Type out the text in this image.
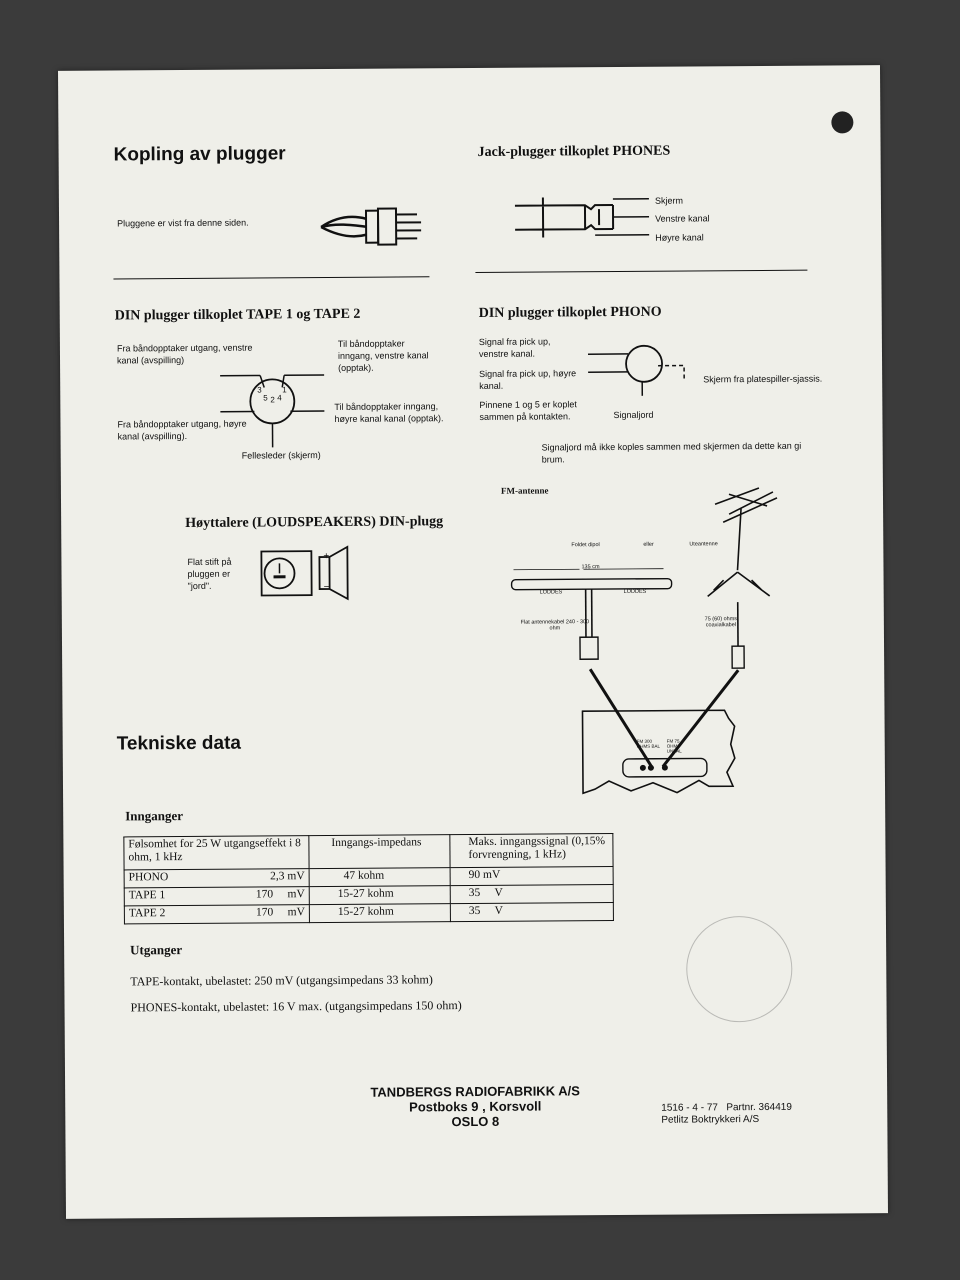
Kopling av plugger
Pluggene er vist fra denne siden.
Jack-plugger tilkoplet PHONES
Skjerm
Venstre kanal
Høyre kanal
DIN plugger tilkoplet TAPE 1 og TAPE 2
Fra båndopptaker utgang, venstre kanal (avspilling)
Fra båndopptaker utgang, høyre kanal (avspilling).
Til båndopptaker inngang, venstre kanal (opptak).
Til båndopptaker inngang, høyre kanal kanal (opptak).
Fellesleder (skjerm)
3	1
5 2 4
DIN plugger tilkoplet PHONO
Signal fra pick up, venstre kanal.
Signal fra pick up, høyre kanal.
Pinnene 1 og 5 er koplet sammen på kontakten.	Signaljord
Skjerm fra platespiller-sjassis.
Signaljord må ikke koples sammen med skjermen da dette kan gi brum.
Høyttalere (LOUDSPEAKERS) DIN-plugg
Flat stift på pluggen er "jord".
+
−
FM-antenne
Foldet dipol	eller	Uteantenne
135 cm
LODDES	LODDES
Flat antennekabel 240 - 300 ohm
75 (60) ohms coaxialkabel
FM 300 OHMS BAL
FM 75 OHMS UNBAL
Tekniske data
Innganger
Følsomhet for 25 W utgangseffekt i 8 ohm, 1 kHz	Inngangs-impedans	Maks. inngangssignal (0,15% forvrengning, 1 kHz)
PHONO 2,3 mV	47 kohm	90 mV
TAPE 1 170     mV	15-27 kohm	35     V
TAPE 2 170     mV	15-27 kohm	35     V
Utganger
TAPE-kontakt, ubelastet: 250 mV (utgangsimpedans 33 kohm)
PHONES-kontakt, ubelastet: 16 V max. (utgangsimpedans 150 ohm)
TANDBERGS RADIOFABRIKK A/S
Postboks 9 , Korsvoll
OSLO 8
1516 - 4 - 77   Partnr. 364419
Petlitz Boktrykkeri A/S
